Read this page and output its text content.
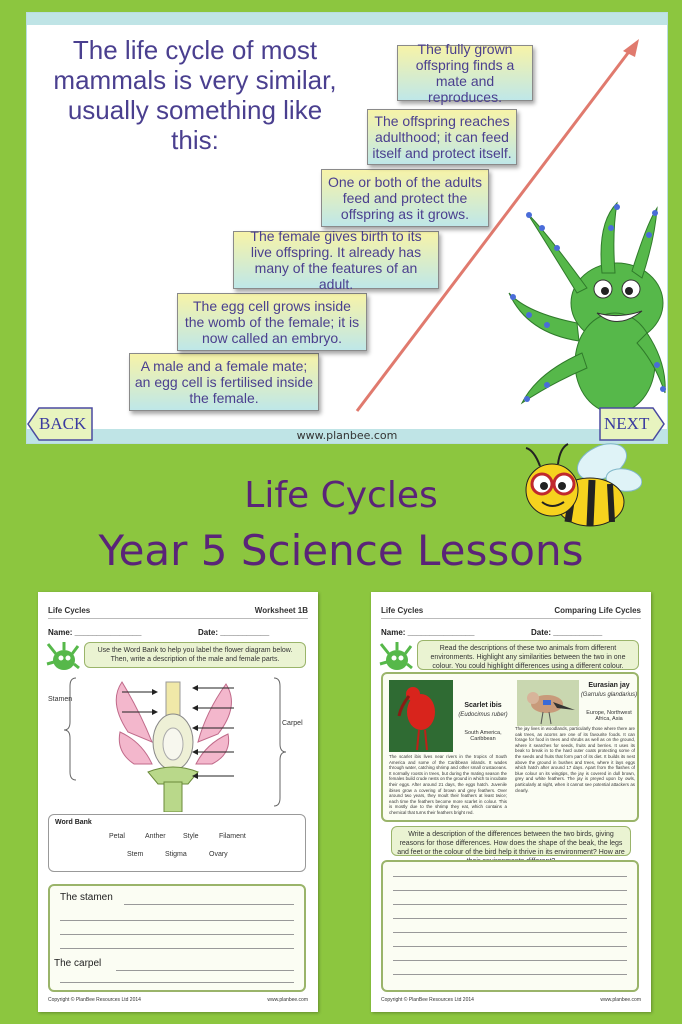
The life cycle of most mammals is very similar, usually something like this:
A male and a female mate; an egg cell is fertilised inside the female.
The egg cell grows inside the womb of the female; it is now called an embryo.
The female gives birth to its live offspring. It already has many of the features of an adult.
One or both of the adults feed and protect the offspring as it grows.
The offspring reaches adulthood; it can feed itself and protect itself.
The fully grown offspring finds a mate and reproduces.
www.planbee.com
BACK	NEXT
Life Cycles
Year 5 Science Lessons
Life Cycles	Worksheet 1B
Name: _______________	Date: ___________
Use the Word Bank to help you label the flower diagram below. Then, write a description of the male and female parts.
Stamen
Carpel
Word Bank
Petal	Anther Style	Filament
Stem	Stigma	Ovary
The stamen
The carpel
Copyright © PlanBee Resources Ltd 2014	www.planbee.com
Life Cycles	Comparing Life Cycles
Name: _______________	Date: ___________
Read the descriptions of these two animals from different environments. Highlight any similarities between the two in one colour. You could highlight differences using a different colour.
Scarlet ibis
(Eudocimus ruber)
South America, Caribbean
Eurasian jay
(Garrulus glandarius)
Europe, Northwest Africa, Asia
The scarlet ibis lives near rivers in the tropics of South America and some of the Caribbean islands. It wades through water, catching shrimp and other small crustaceans. It normally roosts in trees, but during the mating season the females build crude nests on the ground in which to incubate their eggs. After around 21 days, the eggs hatch. Juvenile ibises grow a covering of brown and grey feathers. Over around two years, they moult their feathers at least twice; each time the feathers become more scarlet in colour. This is mostly due to the shrimp they eat, which contains a chemical that turns their feathers bright red.
The jay lives in woodlands, particularly those where there are oak trees, as acorns are one of its favourite foods. It can forage for food in trees and shrubs as well as on the ground, where it searches for seeds, fruits and berries. It uses its beak to break in to the hard outer coats protecting some of the seeds and fruits that form part of its diet. It builds its nest above the ground in bushes and trees, where it lays eggs which hatch after around 17 days. Apart from the flashes of blue colour on its wingtips, the jay is covered in dull brown, grey and white feathers. The jay is preyed upon by owls, particularly at night, when it cannot see potential attackers as clearly.
Write a description of the differences between the two birds, giving reasons for those differences. How does the shape of the beak, the legs and feet or the colour of the bird help it thrive in its environment? How are
Copyright © PlanBee Resources Ltd 2014	www.planbee.com
